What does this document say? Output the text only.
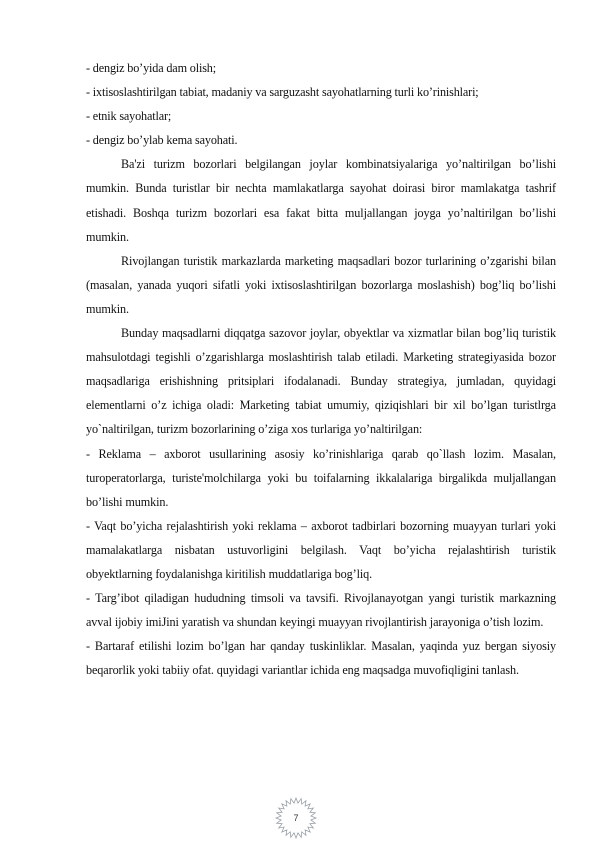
- dengiz bo’yida dam olish;
- ixtisoslashtirilgan tabiat, madaniy va sarguzasht sayohatlarning turli ko’rinishlari;
- etnik sayohatlar;
- dengiz bo’ylab kema sayohati.

Ba'zi turizm bozorlari belgilangan joylar kombinatsiyalariga yo’naltirilgan bo’lishi mumkin. Bunda turistlar bir nechta mamlakatlarga sayohat doirasi biror mamlakatga tashrif etishadi. Boshqa turizm bozorlari esa fakat bitta muljallangan joyga yo’naltirilgan bo’lishi mumkin.

Rivojlangan turistik markazlarda marketing maqsadlari bozor turlarining o’zgarishi bilan (masalan, yanada yuqori sifatli yoki ixtisoslashtirilgan bozorlarga moslashish) bog’liq bo’lishi mumkin.

Bunday maqsadlarni diqqatga sazovor joylar, obyektlar va xizmatlar bilan bog’liq turistik mahsulotdagi tegishli o’zgarishlarga moslashtirish talab etiladi. Marketing strategiyasida bozor maqsadlariga erishishning pritsiplari ifodalanadi. Bunday strategiya, jumladan, quyidagi elementlarni o’z ichiga oladi: Marketing tabiat umumiy, qiziqishlari bir xil bo’lgan turistlrga yo`naltirilgan, turizm bozorlarining o’ziga xos turlariga yo’naltirilgan:

- Reklama – axborot usullarining asosiy ko’rinishlariga qarab qo`llash lozim. Masalan, turoperatorlarga, turiste'molchilarga yoki bu toifalarning ikkalalariga birgalikda muljallangan bo’lishi mumkin.

- Vaqt bo’yicha rejalashtirish yoki reklama – axborot tadbirlari bozorning muayyan turlari yoki mamalakatlarga nisbatan ustuvorligini belgilash. Vaqt bo’yicha rejalashtirish turistik obyektlarning foydalanishga kiritilish muddatlariga bog’liq.

- Targ’ibot qiladigan hududning timsoli va tavsifi. Rivojlanayotgan yangi turistik markazning avval ijobiy imiJini yaratish va shundan keyingi muayyan rivojlantirish jarayoniga o’tish lozim.

- Bartaraf etilishi lozim bo’lgan har qanday tuskinliklar. Masalan, yaqinda yuz bergan siyosiy beqarorlik yoki tabiiy ofat. quyidagi variantlar ichida eng maqsadga muvofiqligini tanlash.

7
